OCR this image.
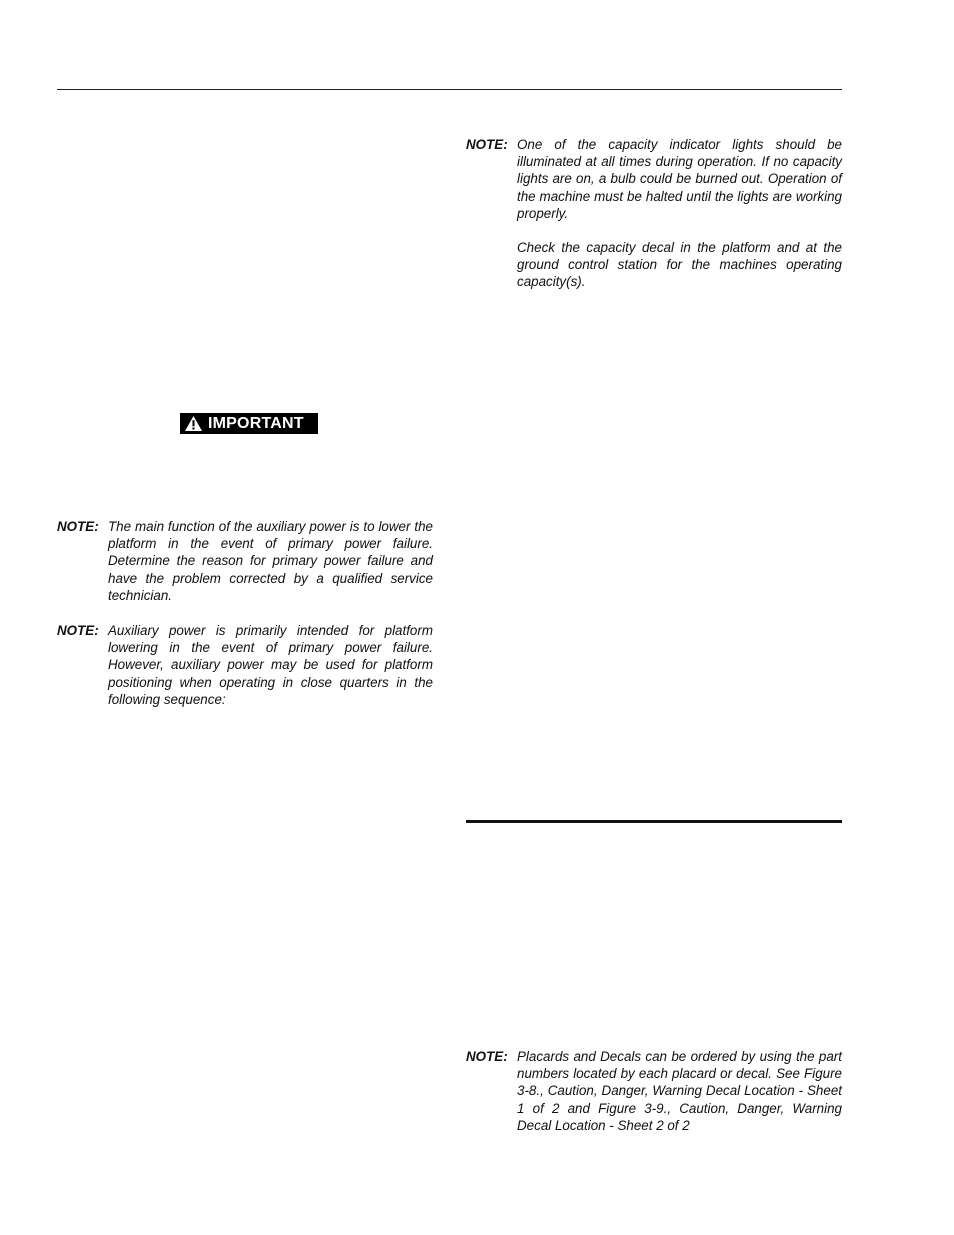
NOTE: One of the capacity indicator lights should be illuminated at all times during operation. If no capacity lights are on, a bulb could be burned out. Operation of the machine must be halted until the lights are working properly.

Check the capacity decal in the platform and at the ground control station for the machines operating capacity(s).

IMPORTANT
NOTE: The main function of the auxiliary power is to lower the platform in the event of primary power failure. Determine the reason for primary power failure and have the problem corrected by a qualified service technician.

NOTE: Auxiliary power is primarily intended for platform lowering in the event of primary power failure. However, auxiliary power may be used for platform positioning when operating in close quarters in the following sequence:

NOTE: Placards and Decals can be ordered by using the part numbers located by each placard or decal. See Figure 3-8., Caution, Danger, Warning Decal Location - Sheet 1 of 2 and Figure 3-9., Caution, Danger, Warning Decal Location - Sheet 2 of 2
